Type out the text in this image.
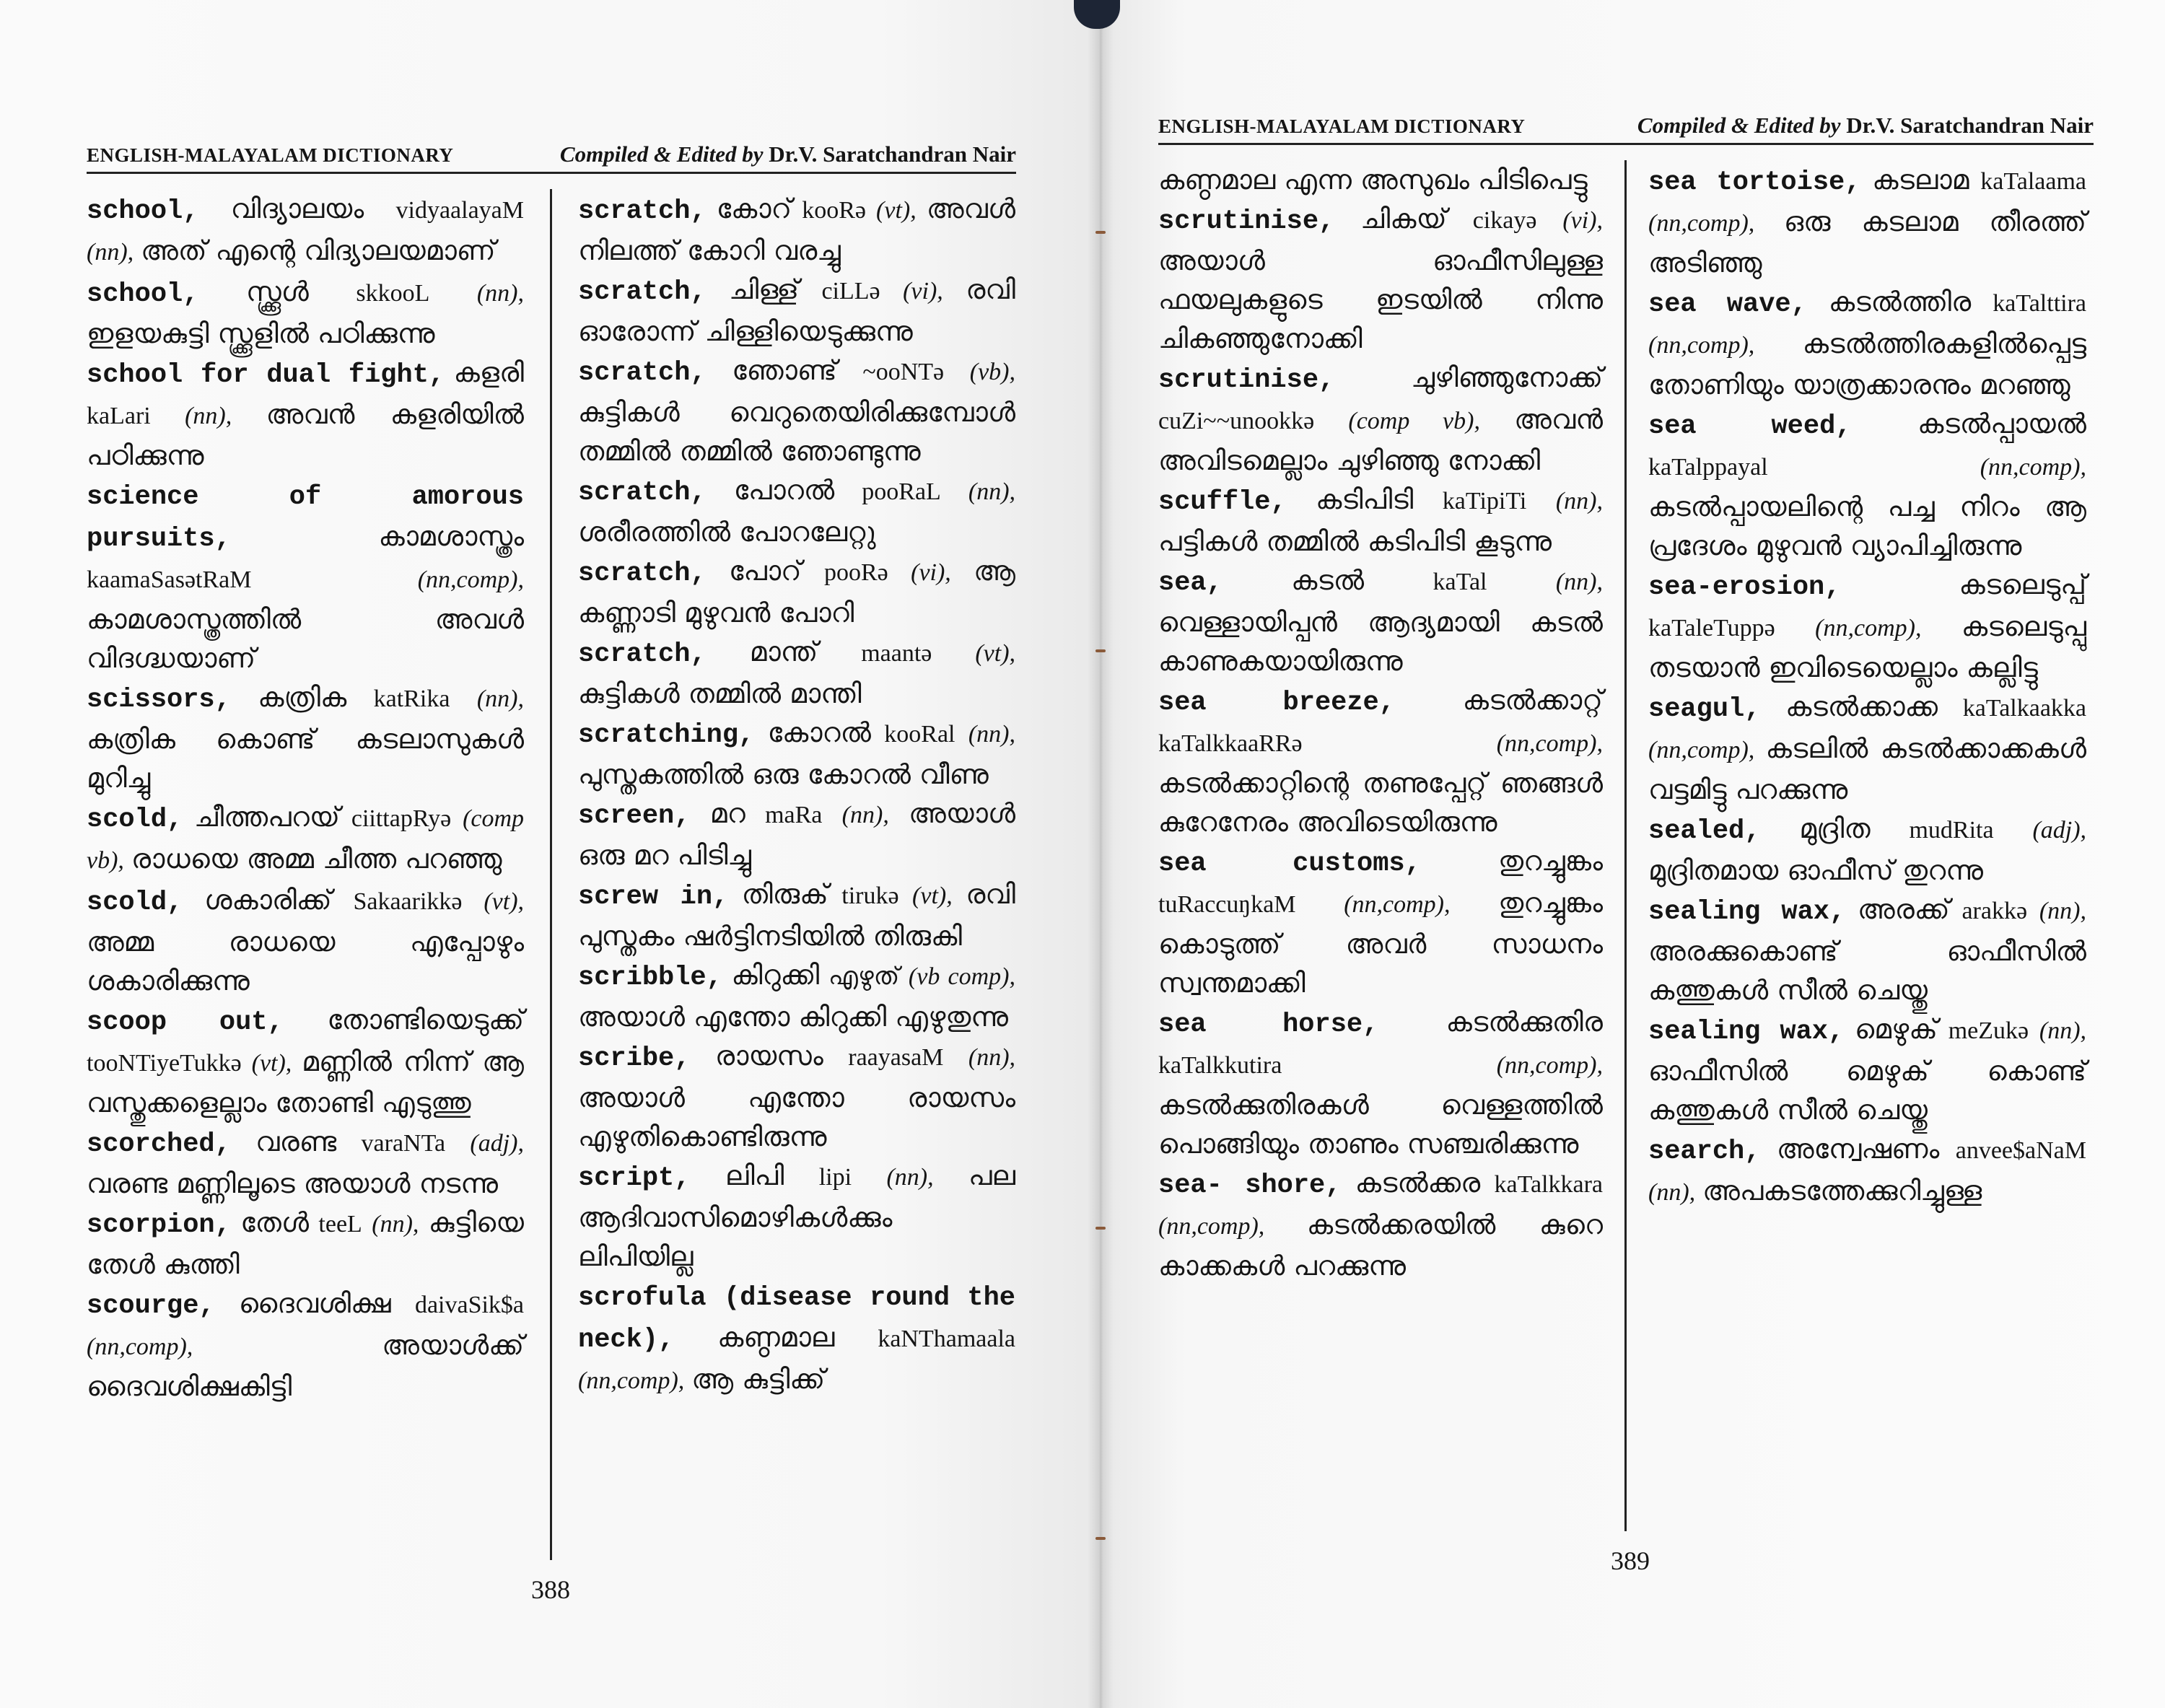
ENGLISH-MALAYALAM DICTIONARY	Compiled & Edited by Dr.V. Saratchandran Nair

school, വിദ്യാലയം vidyaalayaM (nn), അത് എന്റെ വിദ്യാലയമാണ്

school, സ്ക്കൂൾ skkooL (nn), ഇളയകുട്ടി സ്ക്കൂളിൽ പഠിക്കുന്നു

school for dual fight, കളരി kaLari (nn), അവൻ കളരിയിൽ പഠിക്കുന്നു

science of amorous pursuits,	കാമശാസ്ത്രം kaamaSasətRaM	(nn,comp), കാമശാസ്ത്രത്തിൽ അവൾ വിദഗ്ദ്ധയാണ്

scissors, കത്രിക katRika (nn), കത്രിക കൊണ്ട് കടലാസുകൾ മുറിച്ചു

scold, ചീത്തപറയ് ciittapRyə (comp vb), രാധയെ അമ്മ ചീത്ത പറഞ്ഞു

scold, ശകാരിക്ക് Sakaarikkə (vt), അമ്മ രാധയെ എപ്പോഴും ശകാരിക്കുന്നു

scoop out, തോണ്ടിയെടുക്ക് tooNTiyeTukkə (vt), മണ്ണിൽ നിന്ന് ആ വസ്തുക്കളെല്ലാം തോണ്ടി എടുത്തു

scorched, വരണ്ട varaNTa (adj), വരണ്ട മണ്ണിലൂടെ അയാൾ നടന്നു

scorpion, തേൾ teeL (nn), കുട്ടിയെ തേൾ കുത്തി

scourge, ദൈവശിക്ഷ daivaSik$a (nn,comp),	അയാൾക്ക് ദൈവശിക്ഷകിട്ടി

scratch, കോറ് kooRə (vt), അവൾ നിലത്ത് കോറി വരച്ചു

scratch, ചിള്ള് ciLLə (vi), രവി ഓരോന്ന് ചിള്ളിയെടുക്കുന്നു

scratch, ഞോണ്ട് ~ooNTə (vb), കുട്ടികൾ വെറുതെയിരിക്കുമ്പോൾ തമ്മിൽ തമ്മിൽ ഞോണ്ടുന്നു

scratch, പോറൽ pooRaL (nn), ശരീരത്തിൽ പോറലേറ്റു

scratch, പോറ് pooRə (vi), ആ കണ്ണാടി മുഴുവൻ പോറി

scratch, മാന്ത് maantə (vt), കുട്ടികൾ തമ്മിൽ മാന്തി

scratching, കോറൽ kooRal (nn), പുസ്തകത്തിൽ ഒരു കോറൽ വീണു

screen, മറ maRa (nn), അയാൾ ഒരു മറ പിടിച്ചു

screw in, തിരുക് tirukə (vt), രവി പുസ്തകം ഷർട്ടിനടിയിൽ തിരുകി

scribble, കിറുക്കി എഴുത് (vb comp), അയാൾ എന്തോ കിറുക്കി എഴുതുന്നു

scribe, രായസം raayasaM (nn), അയാൾ എന്തോ രായസം എഴുതികൊണ്ടിരുന്നു

script, ലിപി lipi (nn), പല ആദിവാസിമൊഴികൾക്കും ലിപിയില്ല

scrofula (disease round the neck), കണ്ഠമാല kaNThamaala (nn,comp), ആ കുട്ടിക്ക്

388
ENGLISH-MALAYALAM DICTIONARY	Compiled & Edited by Dr.V. Saratchandran Nair

കണ്ഠമാല എന്ന അസുഖം പിടിപെട്ടു

scrutinise, ചികയ് cikayə (vi), അയാൾ ഓഫീസിലുള്ള ഫയലുകളുടെ ഇടയിൽ നിന്നു ചികഞ്ഞുനോക്കി

scrutinise,	ചുഴിഞ്ഞുനോക്ക് cuZi~~unookkə (comp vb), അവൻ അവിടമെല്ലാം ചുഴിഞ്ഞു നോക്കി

scuffle, കടിപിടി kaTipiTi (nn), പട്ടികൾ തമ്മിൽ കടിപിടി കൂടുന്നു

sea,	കടൽ	kaTal	(nn), വെള്ളായിപ്പൻ ആദ്യമായി കടൽ കാണുകയായിരുന്നു

sea breeze, കടൽക്കാറ്റ് kaTalkkaaRRə	(nn,comp), കടൽക്കാറ്റിന്റെ തണുപ്പേറ്റ് ഞങ്ങൾ കുറേനേരം അവിടെയിരുന്നു

sea customs,	തുറച്ചുങ്കം tuRaccuŋkaM (nn,comp), തുറച്ചുങ്കം കൊടുത്ത് അവർ സാധനം സ്വന്തമാക്കി

sea horse, കടൽക്കുതിര kaTalkkutira	(nn,comp), കടൽക്കുതിരകൾ വെള്ളത്തിൽ പൊങ്ങിയും താണും സഞ്ചരിക്കുന്നു

sea- shore, കടൽക്കര kaTalkkara (nn,comp), കടൽക്കരയിൽ കുറെ കാക്കകൾ പറക്കുന്നു

sea tortoise, കടലാമ kaTalaama (nn,comp), ഒരു കടലാമ തീരത്ത് അടിഞ്ഞു

sea wave, കടൽത്തിര kaTalttira (nn,comp), കടൽത്തിരകളിൽപ്പെട്ട തോണിയും യാത്രക്കാരനും മറഞ്ഞു

sea weed, കടൽപ്പായൽ kaTalppayal	(nn,comp), കടൽപ്പായലിന്റെ പച്ച നിറം ആ പ്രദേശം മുഴുവൻ വ്യാപിച്ചിരുന്നു

sea-erosion,	കടലെടുപ്പ് kaTaleTuppə (nn,comp), കടലെടുപ്പു തടയാൻ ഇവിടെയെല്ലാം കല്ലിട്ടു

seagul, കടൽക്കാക്ക kaTalkaakka (nn,comp), കടലിൽ കടൽക്കാക്കകൾ വട്ടമിട്ടു പറക്കുന്നു

sealed, മുദ്രിത mudRita (adj), മുദ്രിതമായ ഓഫീസ് തുറന്നു

sealing wax, അരക്ക് arakkə (nn), അരക്കുകൊണ്ട് ഓഫീസിൽ കത്തുകൾ സീൽ ചെയ്തു

sealing wax, മെഴുക് meZukə (nn), ഓഫീസിൽ മെഴുക് കൊണ്ട് കത്തുകൾ സീൽ ചെയ്തു

search, അന്വേഷണം anvee$aNaM (nn), അപകടത്തേക്കുറിച്ചുള്ള

389
